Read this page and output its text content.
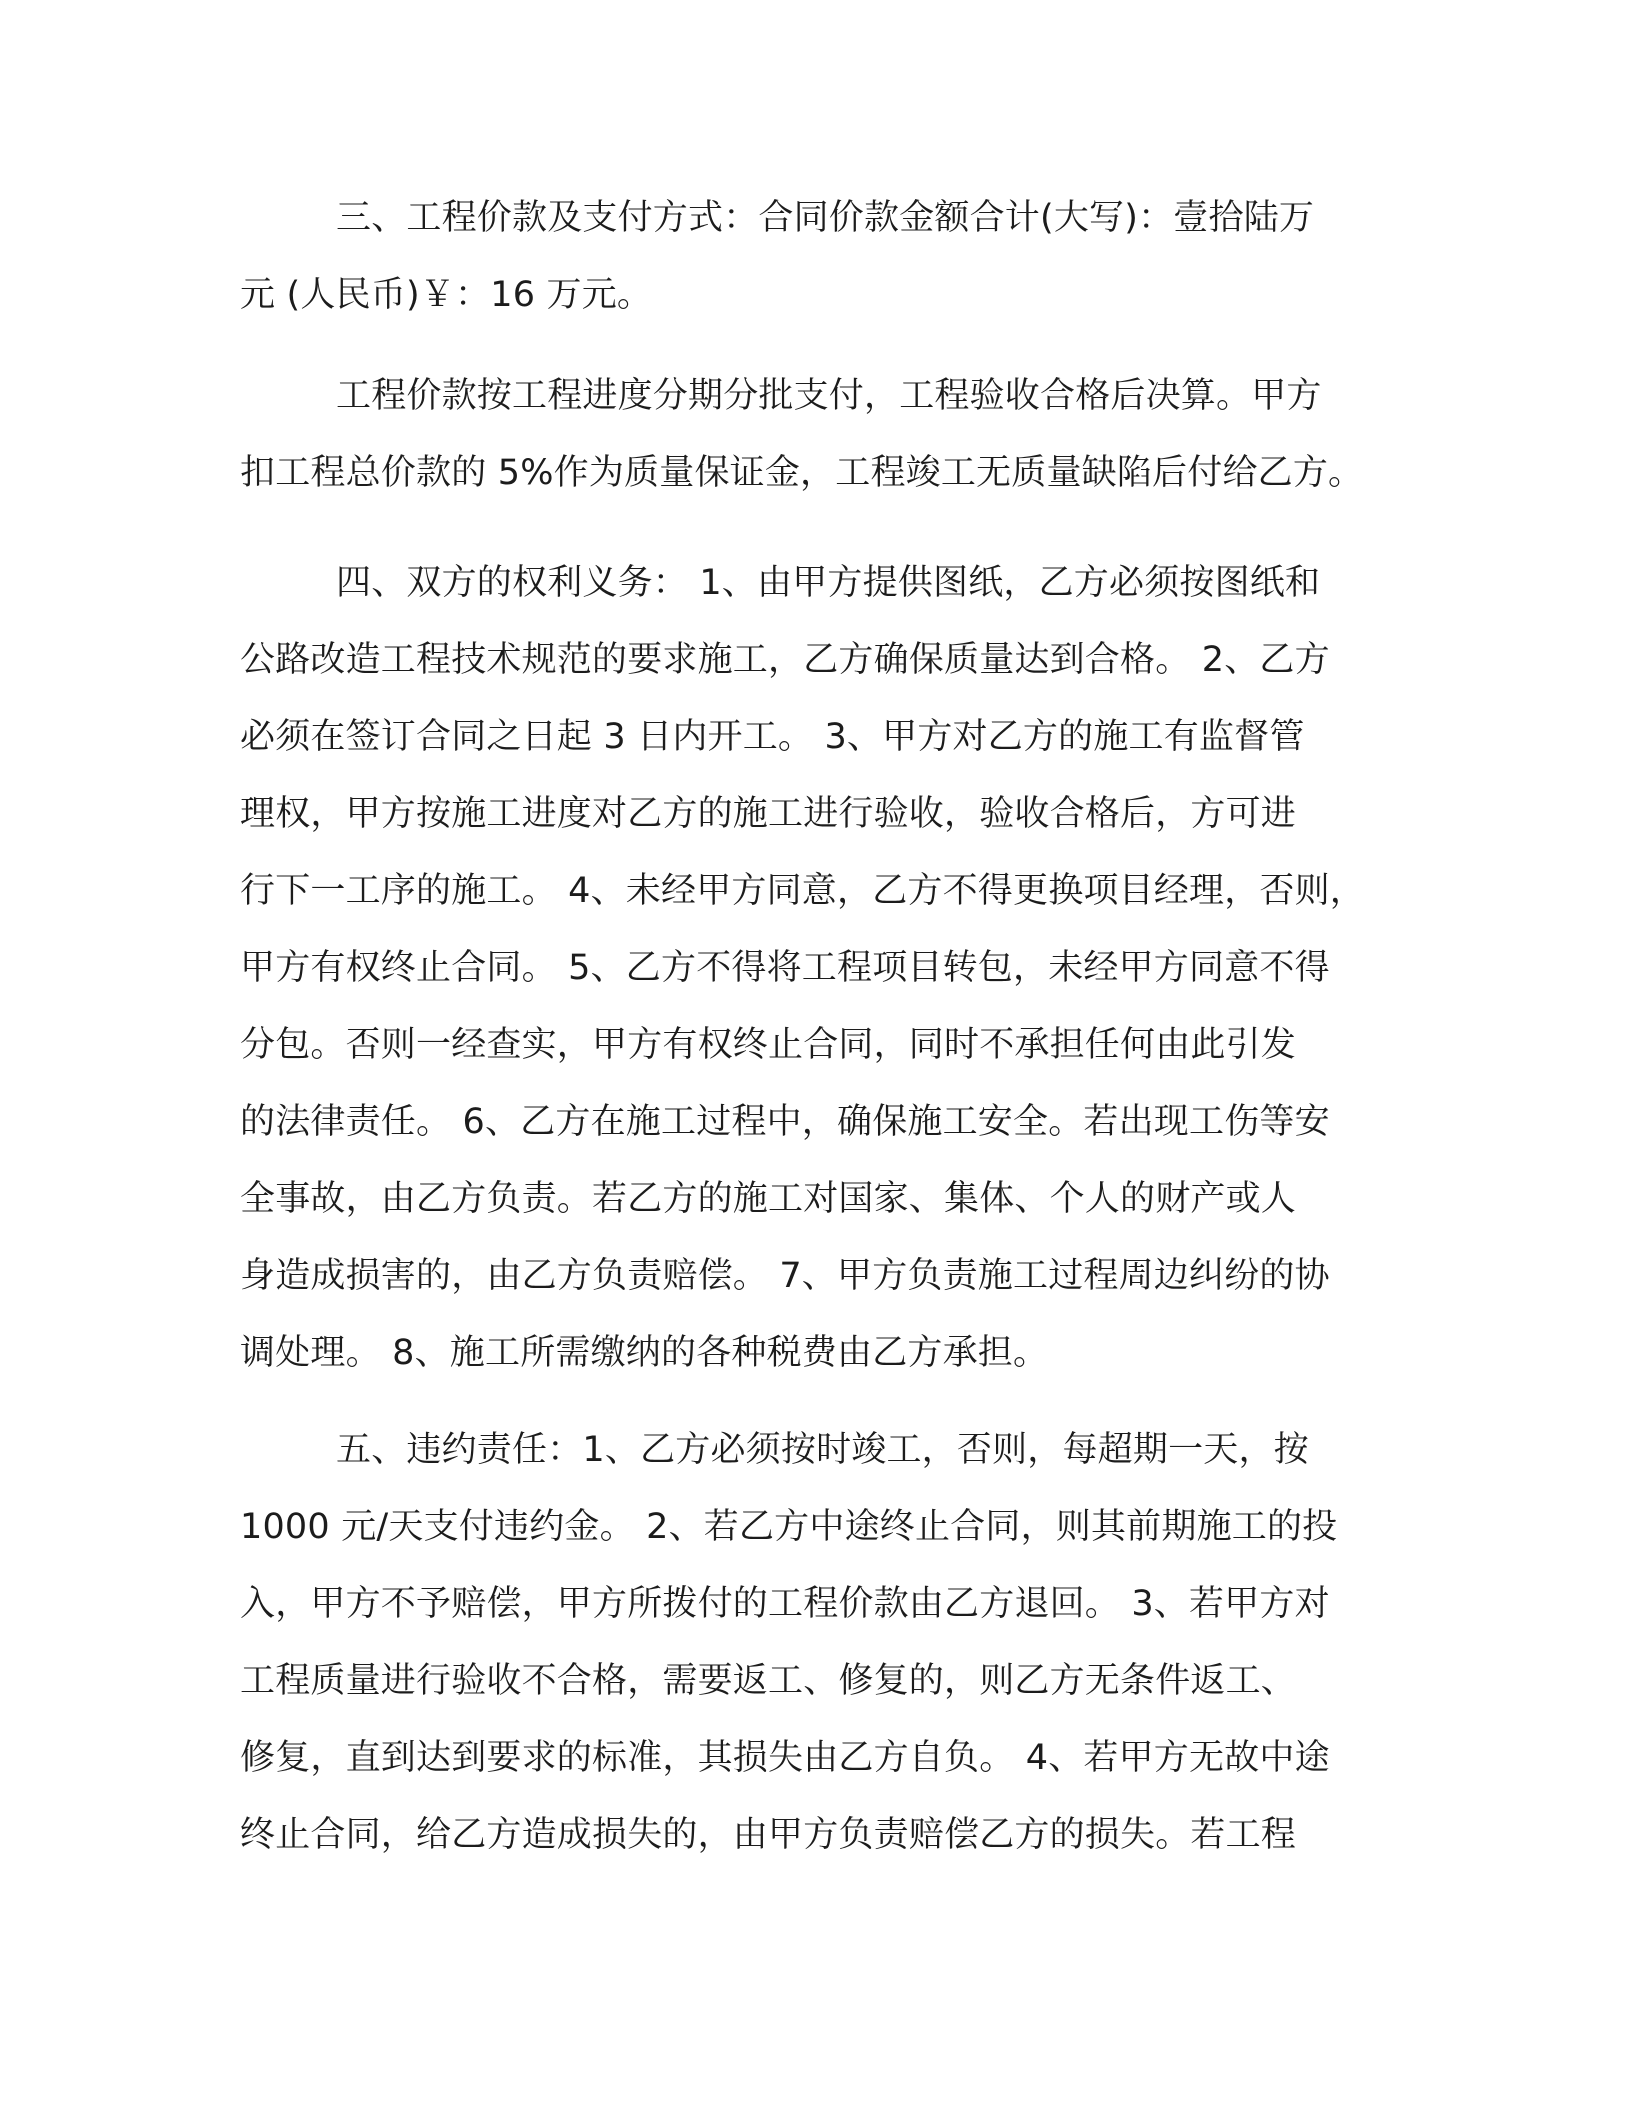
三、工程价款及支付方式：合同价款金额合计(大写)：壹拾陆万
元 (人民币)￥：16 万元。
工程价款按工程进度分期分批支付，工程验收合格后决算。甲方
扣工程总价款的 5%作为质量保证金，工程竣工无质量缺陷后付给乙方。
四、双方的权利义务： 1、由甲方提供图纸，乙方必须按图纸和
公路改造工程技术规范的要求施工，乙方确保质量达到合格。 2、乙方
必须在签订合同之日起 3 日内开工。 3、甲方对乙方的施工有监督管
理权，甲方按施工进度对乙方的施工进行验收，验收合格后，方可进
行下一工序的施工。 4、未经甲方同意，乙方不得更换项目经理，否则，
甲方有权终止合同。 5、乙方不得将工程项目转包，未经甲方同意不得
分包。否则一经查实，甲方有权终止合同，同时不承担任何由此引发
的法律责任。 6、乙方在施工过程中，确保施工安全。若出现工伤等安
全事故，由乙方负责。若乙方的施工对国家、集体、个人的财产或人
身造成损害的，由乙方负责赔偿。 7、甲方负责施工过程周边纠纷的协
调处理。 8、施工所需缴纳的各种税费由乙方承担。
五、违约责任：1、乙方必须按时竣工，否则，每超期一天，按
1000 元/天支付违约金。 2、若乙方中途终止合同，则其前期施工的投
入，甲方不予赔偿，甲方所拨付的工程价款由乙方退回。 3、若甲方对
工程质量进行验收不合格，需要返工、修复的，则乙方无条件返工、
修复，直到达到要求的标准，其损失由乙方自负。 4、若甲方无故中途
终止合同，给乙方造成损失的，由甲方负责赔偿乙方的损失。若工程
